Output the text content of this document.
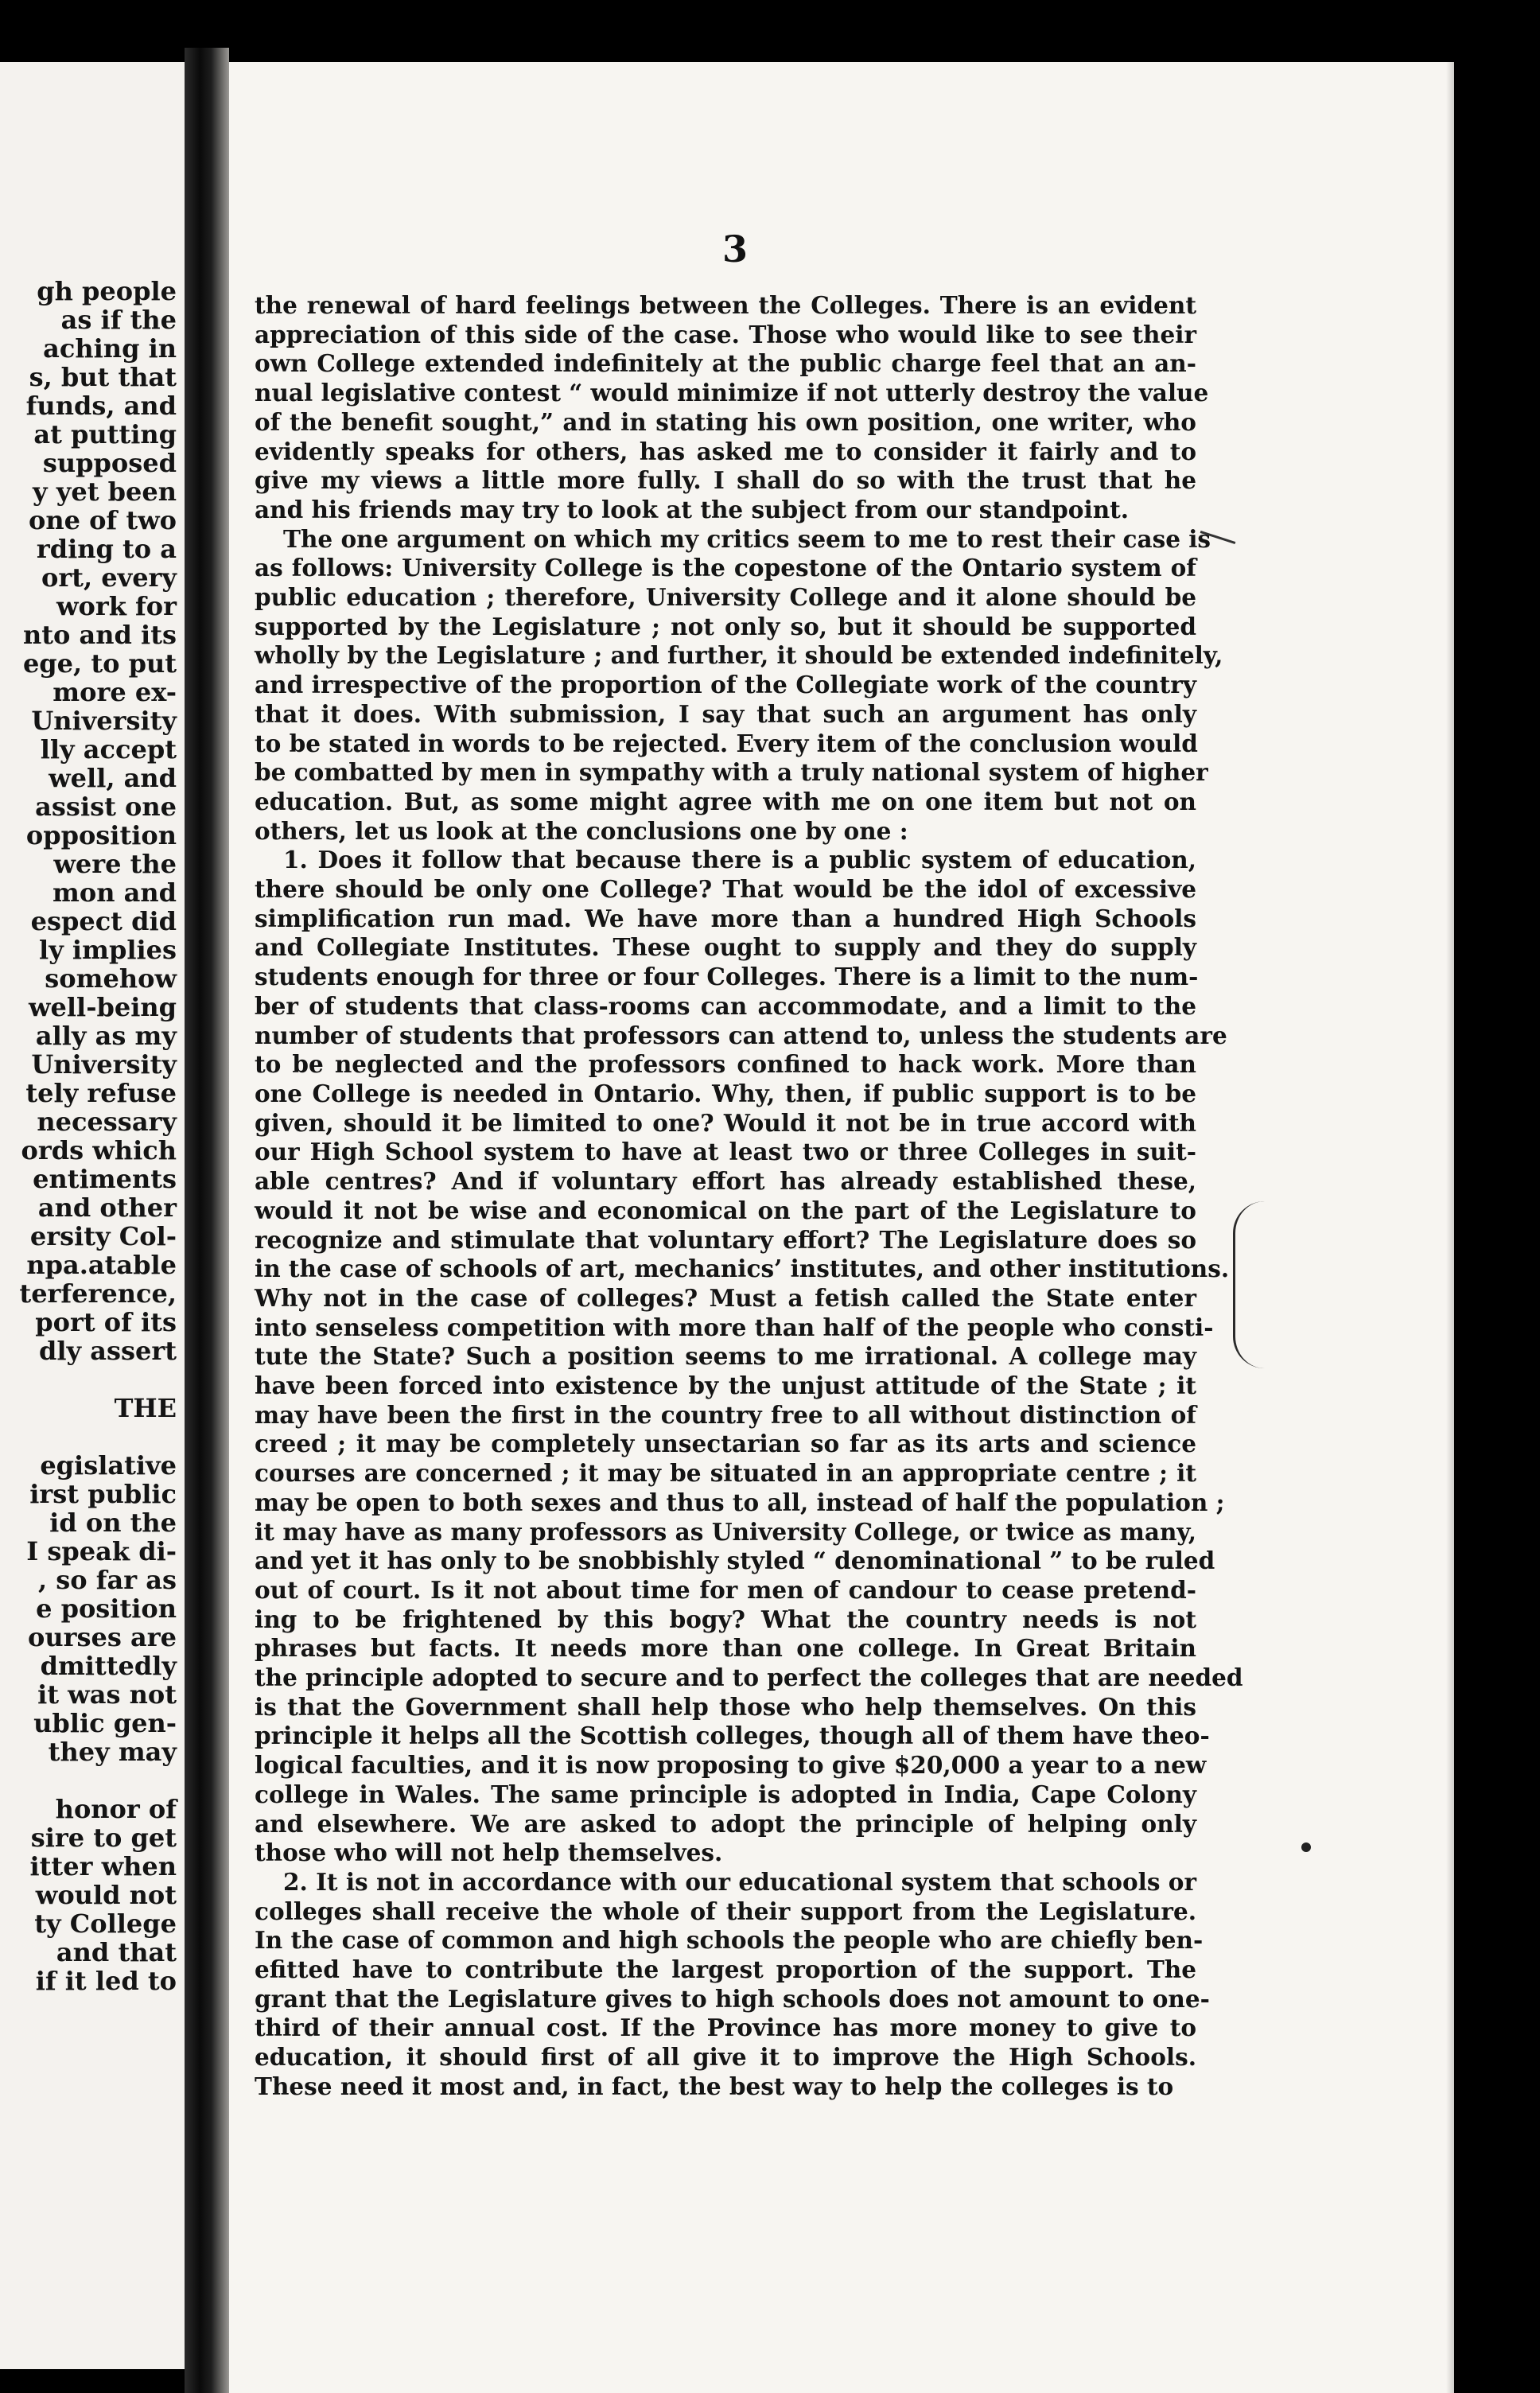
gh people
as if the
aching in
s, but that
funds, and
at putting
supposed
y yet been
one of two
rding to a
ort, every
work for
nto and its
ege, to put
more ex-
University
lly accept
well, and
assist one
opposition
were the
mon and
espect did
ly implies
somehow
well-being
ally as my
University
tely refuse
necessary
ords which
entiments
and other
ersity Col-
npa.atable
terference,
port of its
dly assert
THE
egislative
irst public
id on the
I speak di-
, so far as
e position
ourses are
dmittedly
it was not
ublic gen-
they may
honor of
sire to get
itter when
would not
ty College
and that
if it led to
3
the renewal of hard feelings between the Colleges. There is an evident
appreciation of this side of the case. Those who would like to see their
own College extended indefinitely at the public charge feel that an an-
nual legislative contest “ would minimize if not utterly destroy the value
of the benefit sought,” and in stating his own position, one writer, who
evidently speaks for others, has asked me to consider it fairly and to
give my views a little more fully. I shall do so with the trust that he
and his friends may try to look at the subject from our standpoint.
The one argument on which my critics seem to me to rest their case is
as follows: University College is the copestone of the Ontario system of
public education ; therefore, University College and it alone should be
supported by the Legislature ; not only so, but it should be supported
wholly by the Legislature ; and further, it should be extended indefinitely,
and irrespective of the proportion of the Collegiate work of the country
that it does. With submission, I say that such an argument has only
to be stated in words to be rejected. Every item of the conclusion would
be combatted by men in sympathy with a truly national system of higher
education. But, as some might agree with me on one item but not on
others, let us look at the conclusions one by one :
1. Does it follow that because there is a public system of education,
there should be only one College? That would be the idol of excessive
simplification run mad. We have more than a hundred High Schools
and Collegiate Institutes. These ought to supply and they do supply
students enough for three or four Colleges. There is a limit to the num-
ber of students that class-rooms can accommodate, and a limit to the
number of students that professors can attend to, unless the students are
to be neglected and the professors confined to hack work. More than
one College is needed in Ontario. Why, then, if public support is to be
given, should it be limited to one? Would it not be in true accord with
our High School system to have at least two or three Colleges in suit-
able centres? And if voluntary effort has already established these,
would it not be wise and economical on the part of the Legislature to
recognize and stimulate that voluntary effort? The Legislature does so
in the case of schools of art, mechanics’ institutes, and other institutions.
Why not in the case of colleges? Must a fetish called the State enter
into senseless competition with more than half of the people who consti-
tute the State? Such a position seems to me irrational. A college may
have been forced into existence by the unjust attitude of the State ; it
may have been the first in the country free to all without distinction of
creed ; it may be completely unsectarian so far as its arts and science
courses are concerned ; it may be situated in an appropriate centre ; it
may be open to both sexes and thus to all, instead of half the population ;
it may have as many professors as University College, or twice as many,
and yet it has only to be snobbishly styled “ denominational ” to be ruled
out of court. Is it not about time for men of candour to cease pretend-
ing to be frightened by this bogy? What the country needs is not
phrases but facts. It needs more than one college. In Great Britain
the principle adopted to secure and to perfect the colleges that are needed
is that the Government shall help those who help themselves. On this
principle it helps all the Scottish colleges, though all of them have theo-
logical faculties, and it is now proposing to give $20,000 a year to a new
college in Wales. The same principle is adopted in India, Cape Colony
and elsewhere. We are asked to adopt the principle of helping only
those who will not help themselves.
2. It is not in accordance with our educational system that schools or
colleges shall receive the whole of their support from the Legislature.
In the case of common and high schools the people who are chiefly ben-
efitted have to contribute the largest proportion of the support. The
grant that the Legislature gives to high schools does not amount to one-
third of their annual cost. If the Province has more money to give to
education, it should first of all give it to improve the High Schools.
These need it most and, in fact, the best way to help the colleges is to
